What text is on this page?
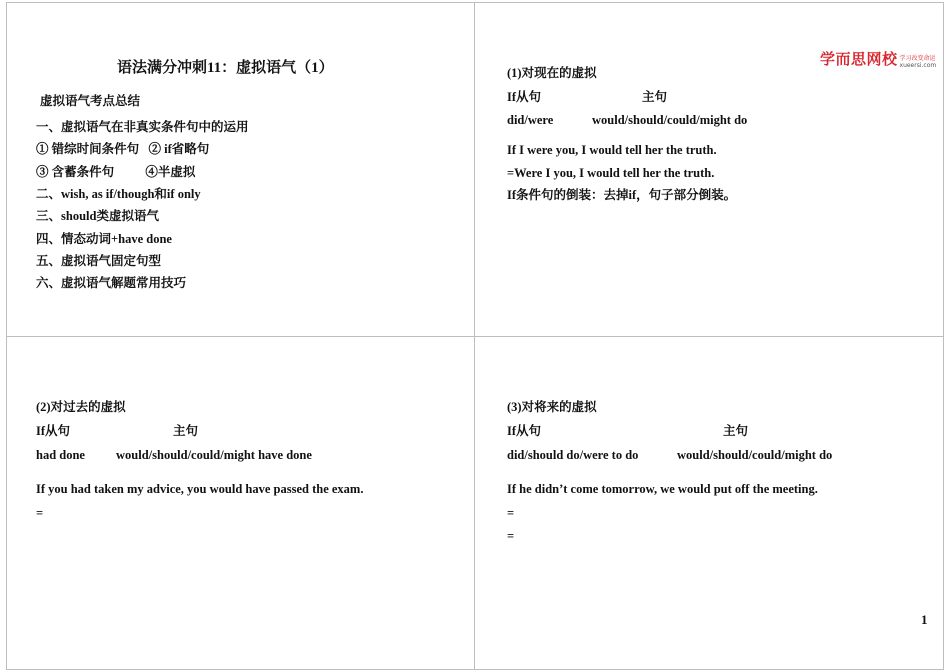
语法满分冲刺11：虚拟语气（1）
虚拟语气考点总结
一、虚拟语气在非真实条件句中的运用
① 错综时间条件句   ② if省略句
③ 含蓄条件句          ④半虚拟
二、wish, as if/though和if only
三、should类虚拟语气
四、情态动词+have done
五、虚拟语气固定句型
六、虚拟语气解题常用技巧
学而思网校 学习改变命运
xueersi.com
(1)对现在的虚拟
If从句	主句
did/were	would/should/could/might do
If I were you, I would tell her the truth.
=Were I you, I would tell her the truth.
If条件句的倒装：去掉if，句子部分倒装。
(2)对过去的虚拟
If从句	主句
had done would/should/could/might have done
If you had taken my advice, you would have passed the exam.
=
(3)对将来的虚拟
If从句	主句
did/should do/were to do	would/should/could/might do
If he didn’t come tomorrow, we would put off the meeting.
=
=
1
